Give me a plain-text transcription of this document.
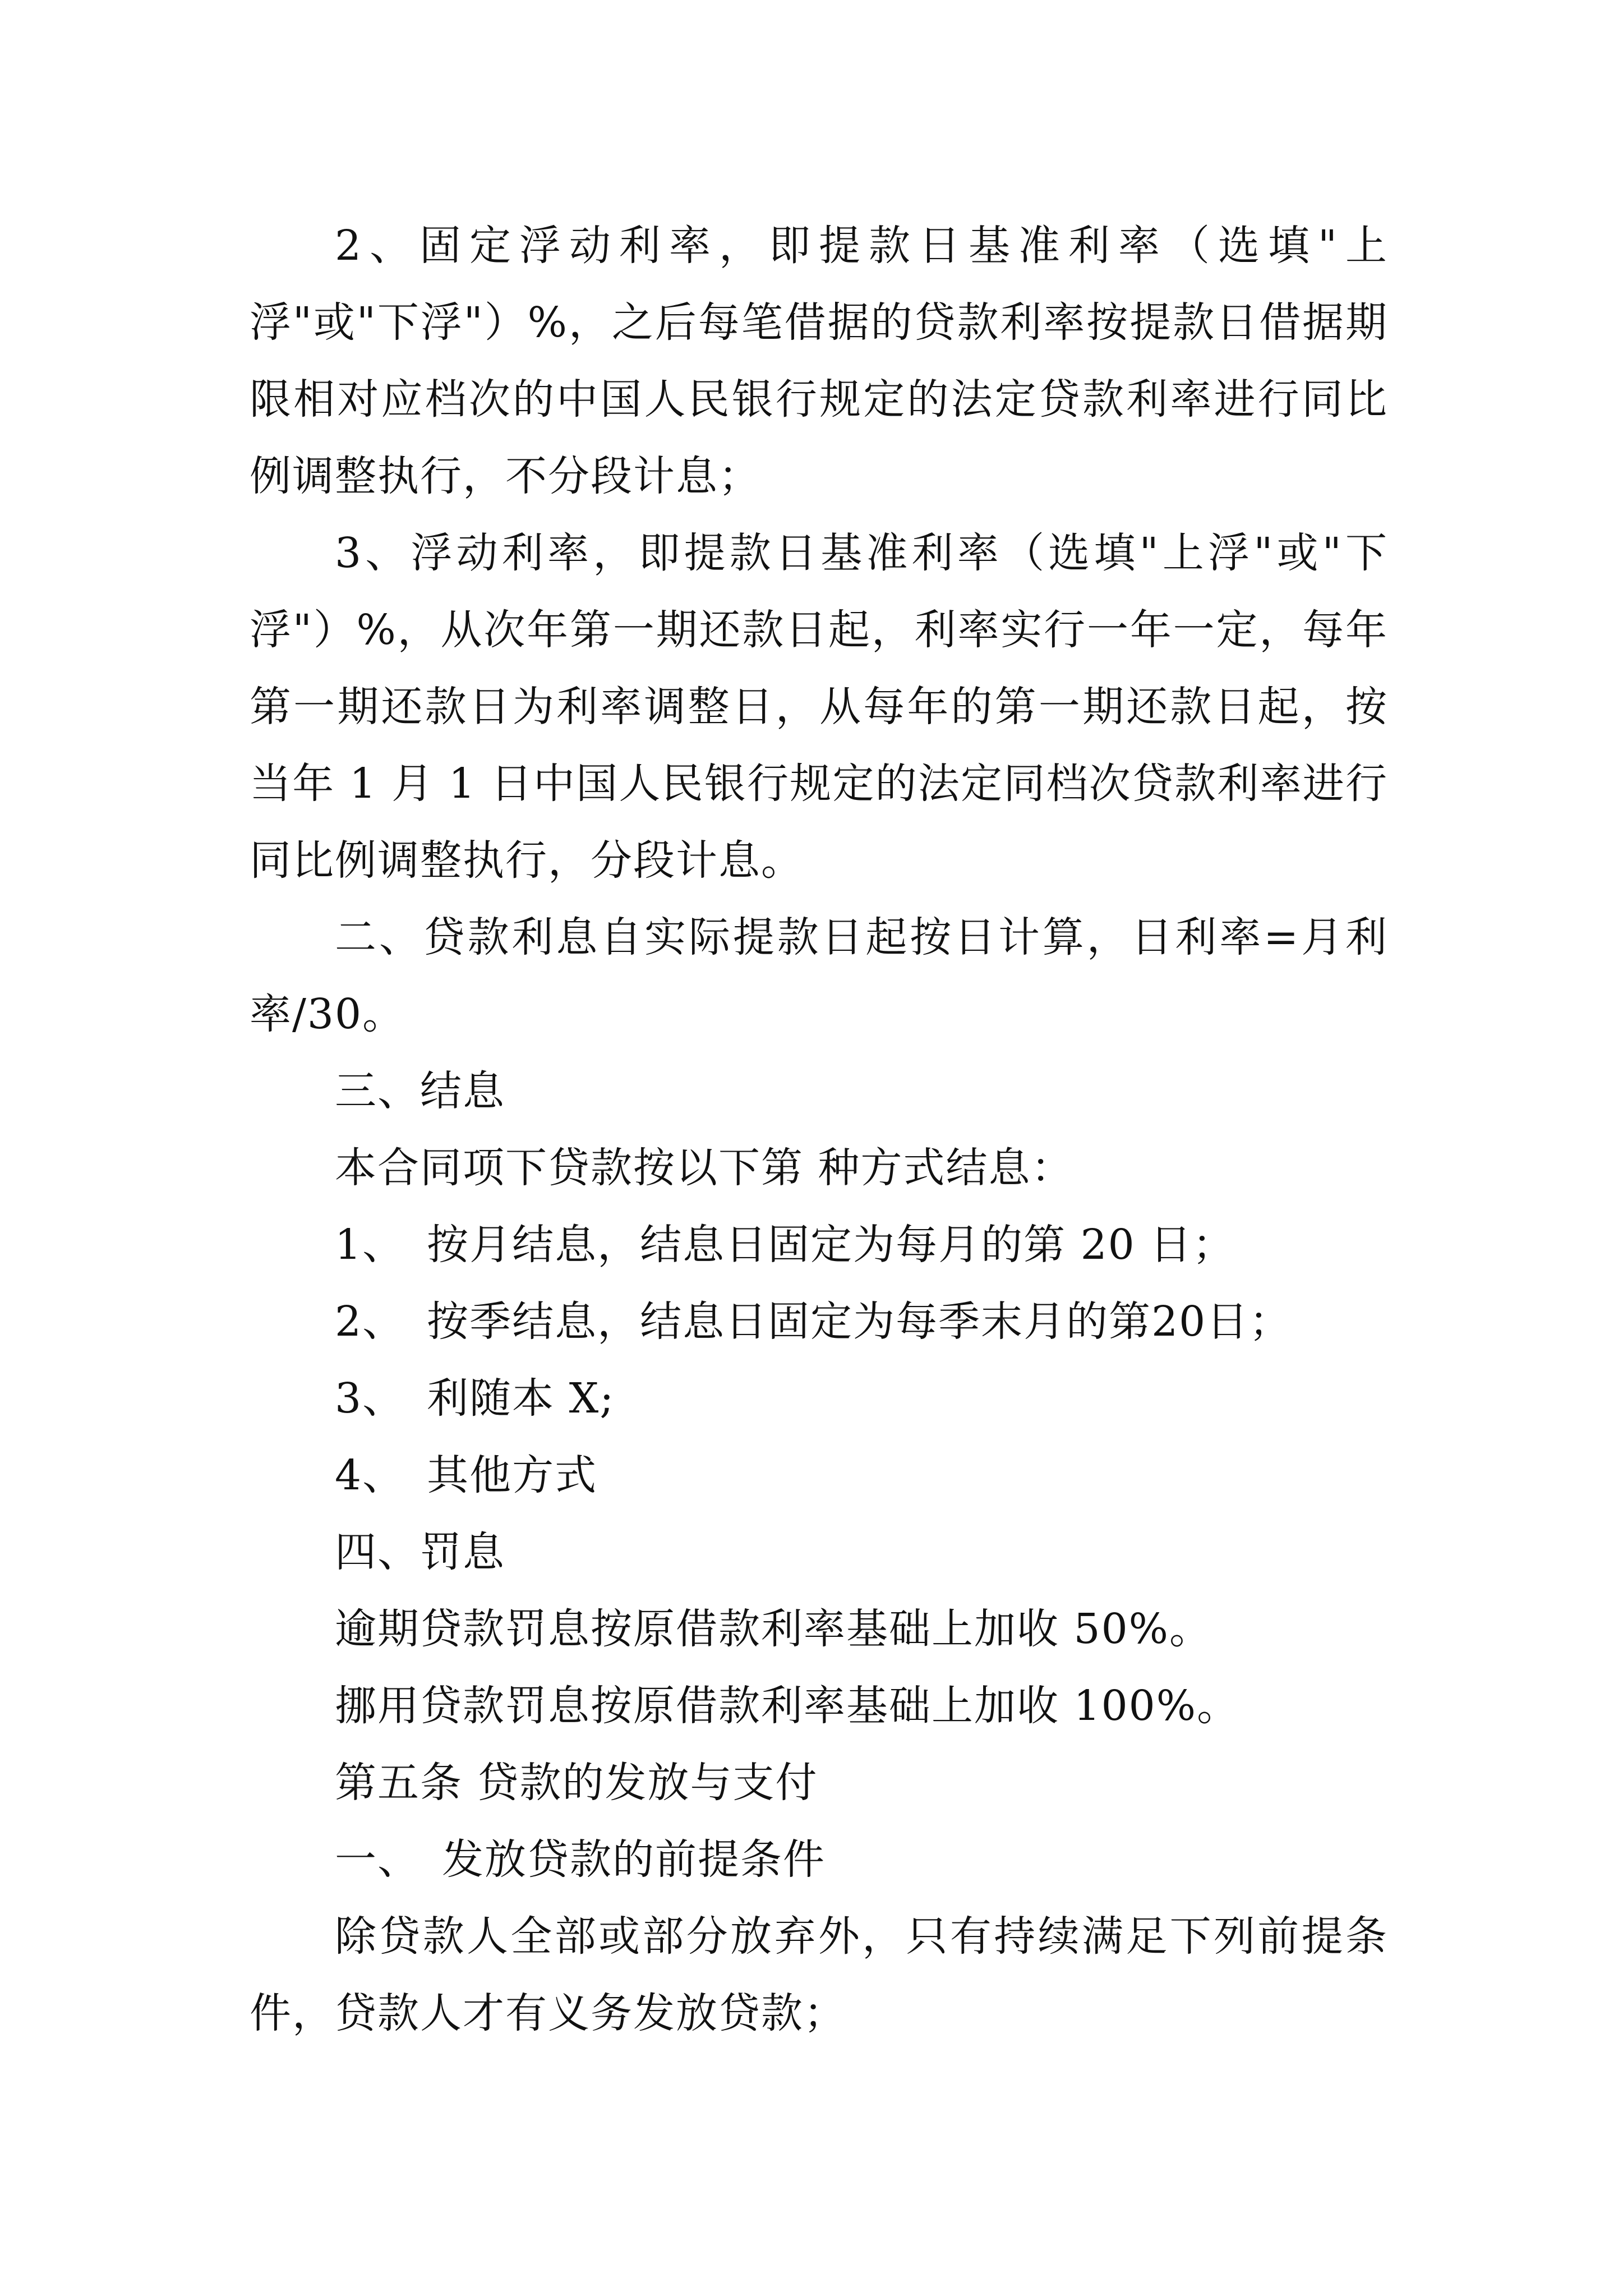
2、固定浮动利率，即提款日基准利率（选填"上浮"或"下浮"）%，之后每笔借据的贷款利率按提款日借据期限相对应档次的中国人民银行规定的法定贷款利率进行同比例调整执行，不分段计息；

3、浮动利率，即提款日基准利率（选填"上浮"或"下浮"）%，从次年第一期还款日起，利率实行一年一定，每年第一期还款日为利率调整日，从每年的第一期还款日起，按当年 1 月 1 日中国人民银行规定的法定同档次贷款利率进行同比例调整执行，分段计息。

二、贷款利息自实际提款日起按日计算，日利率=月利率/30。

三、结息

本合同项下贷款按以下第 种方式结息：

1、　按月结息，结息日固定为每月的第 20 日；

2、　按季结息，结息日固定为每季末月的第20日；

3、　利随本 X;

4、　其他方式

四、罚息

逾期贷款罚息按原借款利率基础上加收 50%。

挪用贷款罚息按原借款利率基础上加收 100%。

第五条 贷款的发放与支付

一、　发放贷款的前提条件

除贷款人全部或部分放弃外，只有持续满足下列前提条件，贷款人才有义务发放贷款；
